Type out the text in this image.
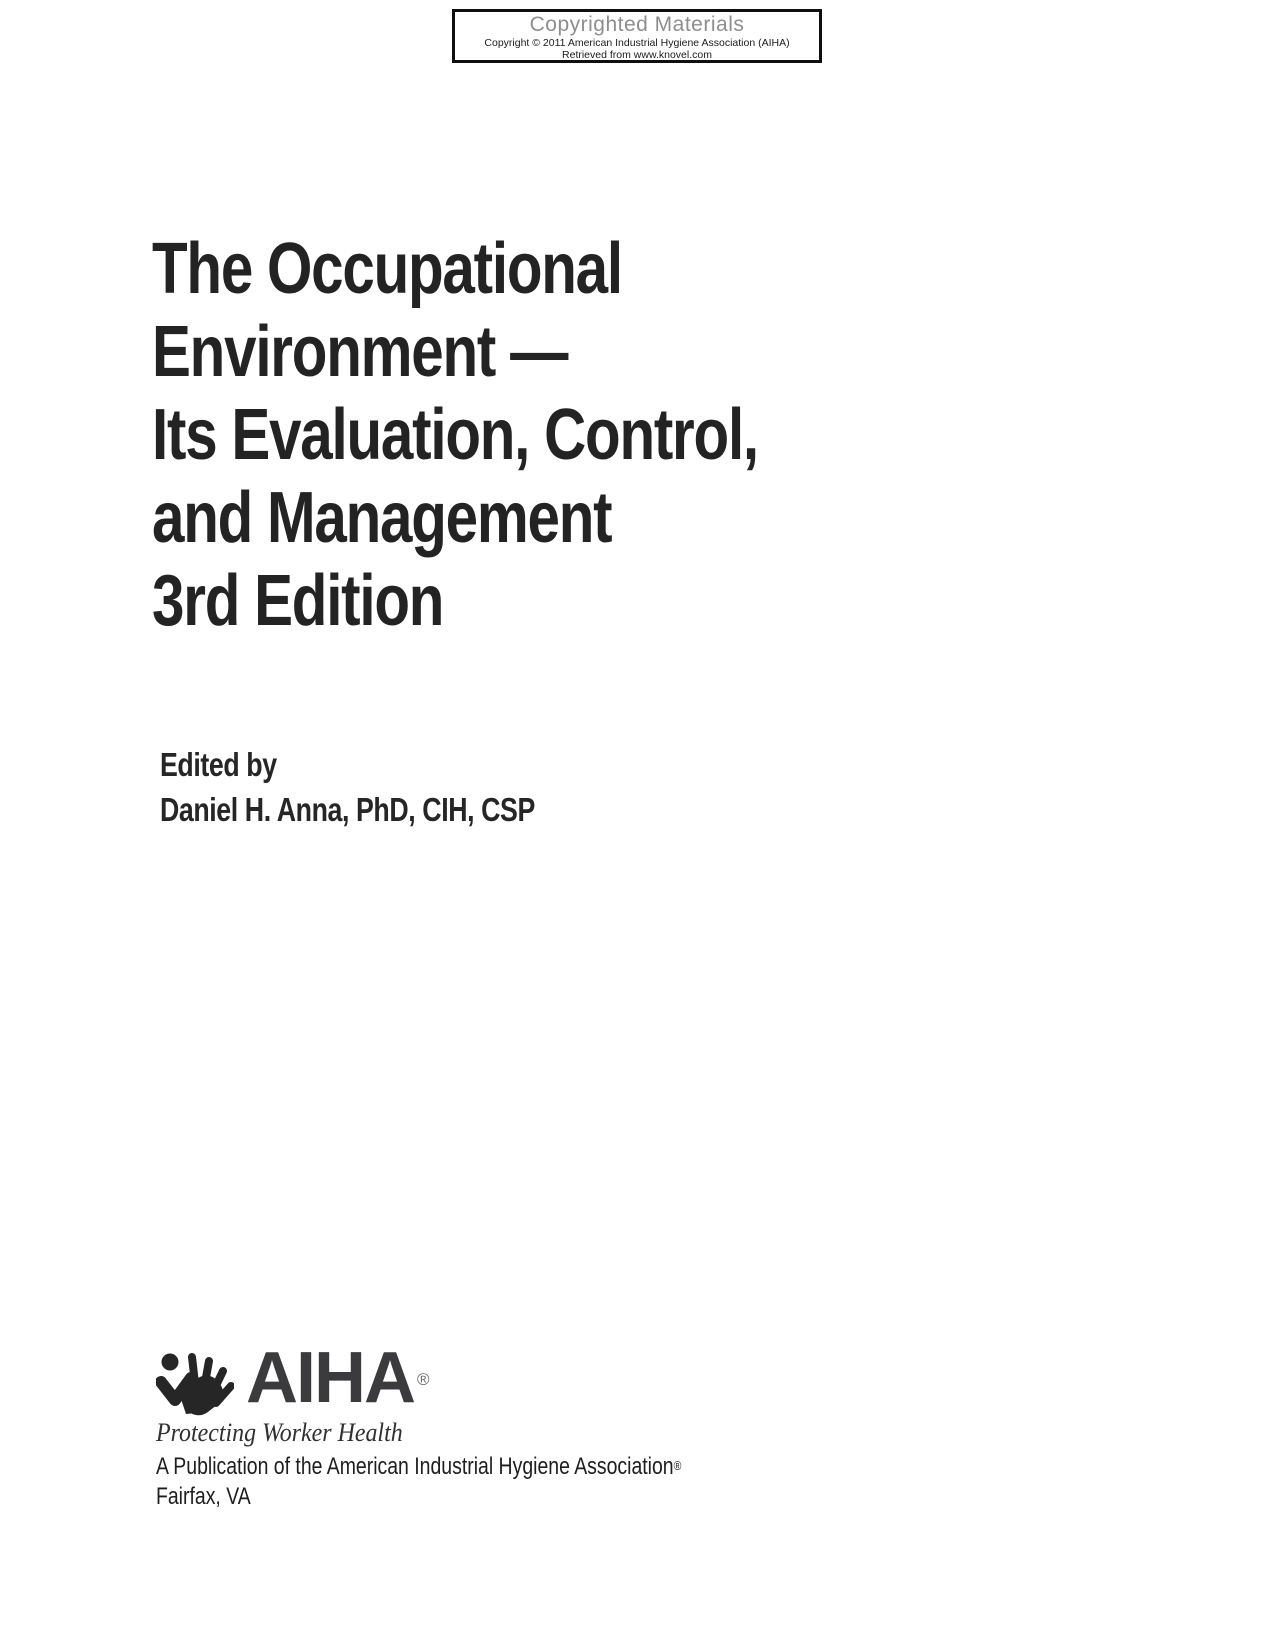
Copyrighted Materials
Copyright © 2011 American Industrial Hygiene Association (AIHA)
Retrieved from www.knovel.com
The Occupational
Environment —
Its Evaluation, Control,
and Management
3rd Edition
Edited by
Daniel H. Anna, PhD, CIH, CSP
AIHA ®
Protecting Worker Health
A Publication of the American Industrial Hygiene Association®
Fairfax, VA
